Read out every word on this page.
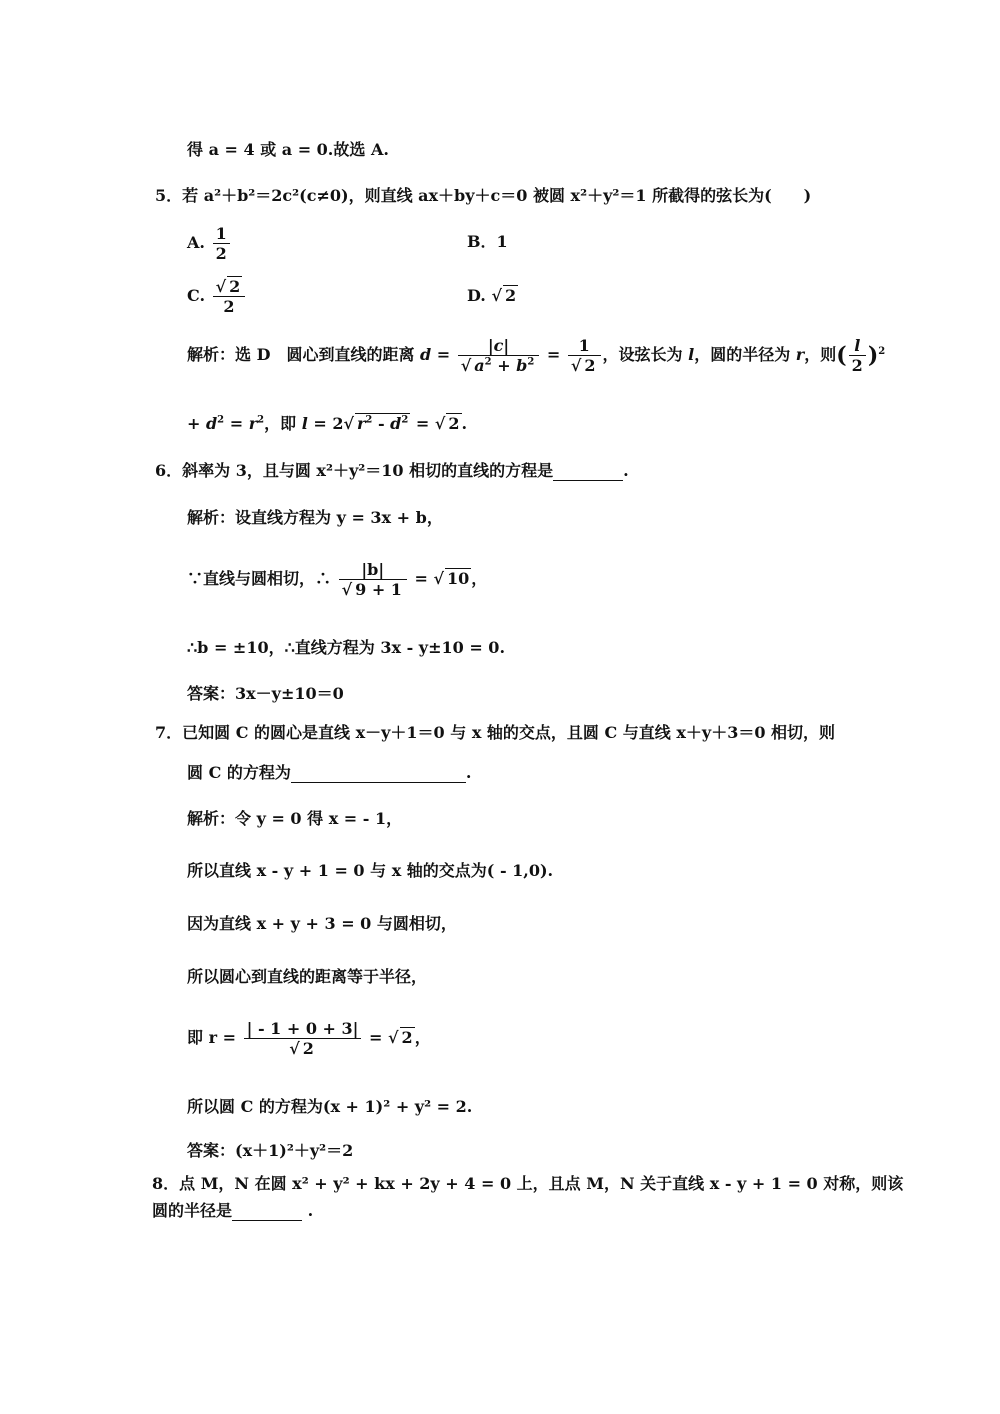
得 a = 4 或 a = 0.故选 A.
5．若 a²＋b²＝2c²(c≠0)，则直线 ax＋by＋c＝0 被圆 x²＋y²＝1 所截得的弦长为(　　)
A. $\frac{1}{2}$	B．1
C. $\frac{√ 2}{2}$	D. √ 2
解析：选 D　圆心到直线的距离 $d = \frac{|c|}{√ a^2 + b^2} = \frac{1}{√ 2}$ ，设弦长为 l，圆的半径为 r，则( $\frac{l}{2} )^2$
+ $d^2 = r^2$，即 l = 2√ $r^2 - d^2$ = √ 2 .
6．斜率为 3，且与圆 x²＋y²＝10 相切的直线的方程是	.
解析：设直线方程为 y = 3x + b，
∵直线与圆相切，∴ $\frac{|b|}{√ 9 + 1}$ = √ 10 ，
∴b = ±10，∴直线方程为 3x - y±10 = 0.
答案：3x－y±10＝0
7．已知圆 C 的圆心是直线 x－y＋1＝0 与 x 轴的交点，且圆 C 与直线 x＋y＋3＝0 相切，则
圆 C 的方程为	.
解析：令 y = 0 得 x = - 1，
所以直线 x - y + 1 = 0 与 x 轴的交点为( - 1,0).
因为直线 x + y + 3 = 0 与圆相切，
所以圆心到直线的距离等于半径，
即 $r = \frac{| - 1 + 0 + 3|}{√ 2}$ = √ 2 ，
所以圆 C 的方程为(x + 1)² + y² = 2.
答案：(x＋1)²＋y²＝2
8．点 M，N 在圆 x² + y² + kx + 2y + 4 = 0 上，且点 M，N 关于直线 x - y + 1 = 0 对称，则该
圆的半径是	.
